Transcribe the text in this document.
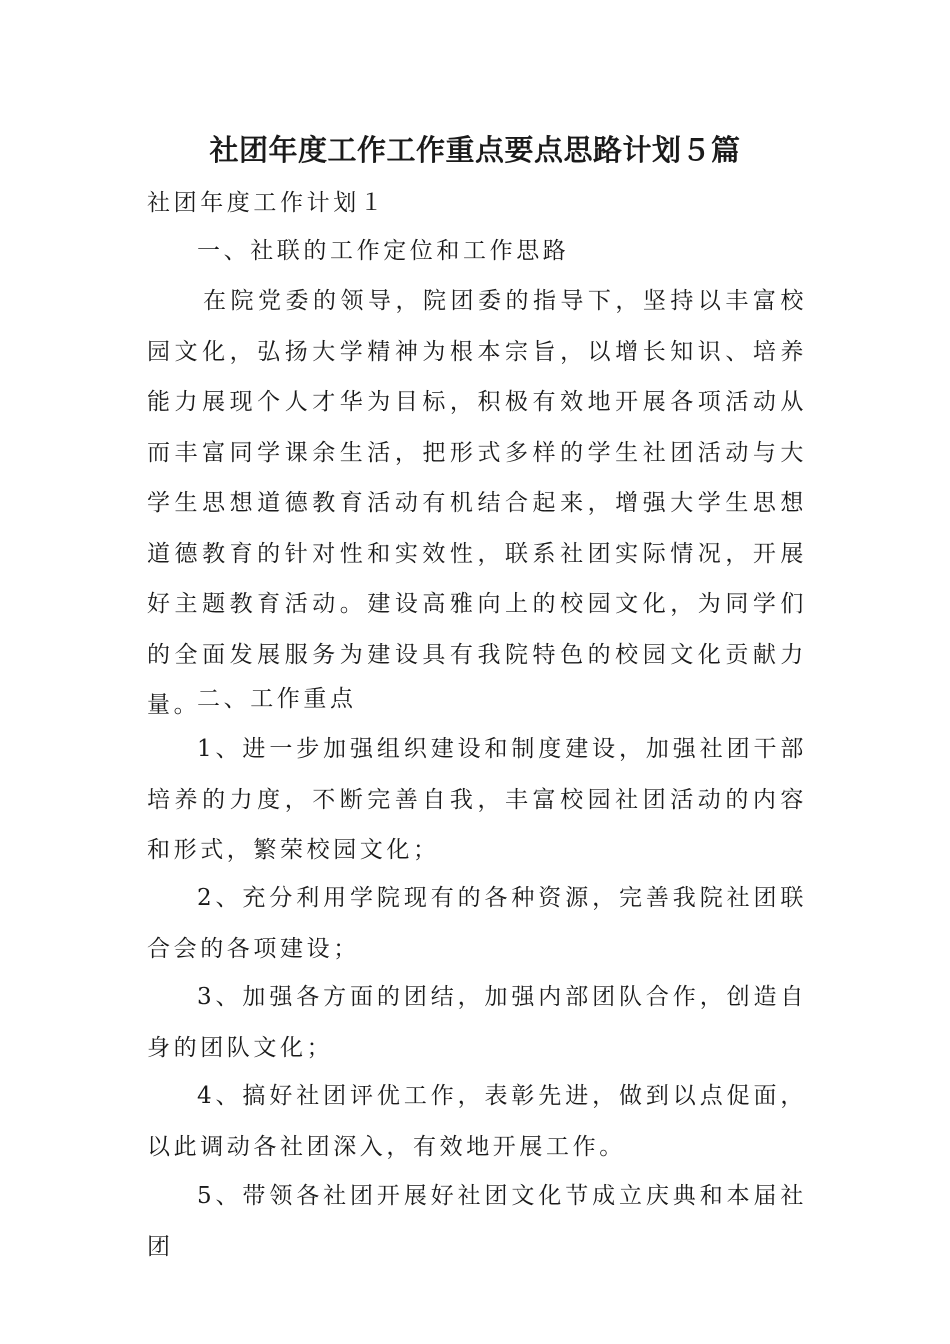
社团年度工作工作重点要点思路计划５篇

社团年度工作计划１

一、社联的工作定位和工作思路

在院党委的领导，院团委的指导下，坚持以丰富校园文化，弘扬大学精神为根本宗旨，以增长知识、培养能力展现个人才华为目标，积极有效地开展各项活动从而丰富同学课余生活，把形式多样的学生社团活动与大学生思想道德教育活动有机结合起来，增强大学生思想道德教育的针对性和实效性，联系社团实际情况，开展好主题教育活动。建设高雅向上的校园文化，为同学们的全面发展服务为建设具有我院特色的校园文化贡献力量。

二、工作重点

1、进一步加强组织建设和制度建设，加强社团干部培养的力度，不断完善自我，丰富校园社团活动的内容和形式，繁荣校园文化；

2、充分利用学院现有的各种资源，完善我院社团联合会的各项建设；

3、加强各方面的团结，加强内部团队合作，创造自身的团队文化；

4、搞好社团评优工作，表彰先进，做到以点促面，以此调动各社团深入，有效地开展工作。

5、带领各社团开展好社团文化节成立庆典和本届社团
